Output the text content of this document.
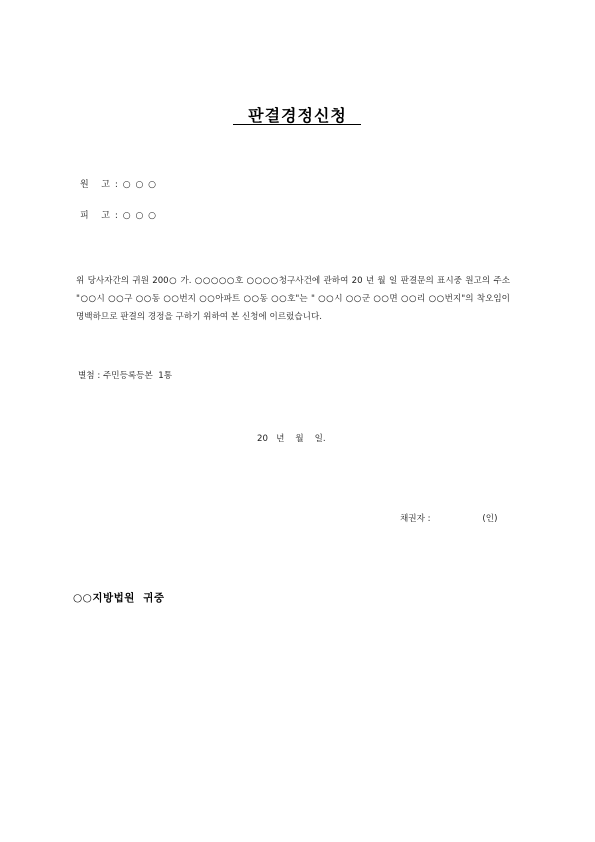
판결경정신청
원   고 : ○ ○ ○
피   고 : ○ ○ ○
위 당사자간의 귀원 200○ 가. ○○○○○호 ○○○○청구사건에 관하여 20 년 월 일 판결문의 표시중 원고의 주소 "○○시 ○○구 ○○동 ○○번지 ○○아파트 ○○동 ○○호"는 " ○○시 ○○군 ○○면 ○○리 ○○번지"의 착오임이 명백하므로 판결의 경정을 구하기 위하여 본 신청에 이르렀습니다.
별첨 : 주민등록등본  1통
20   년    월    일.
채권자 :                   (인)
○○지방법원  귀중
